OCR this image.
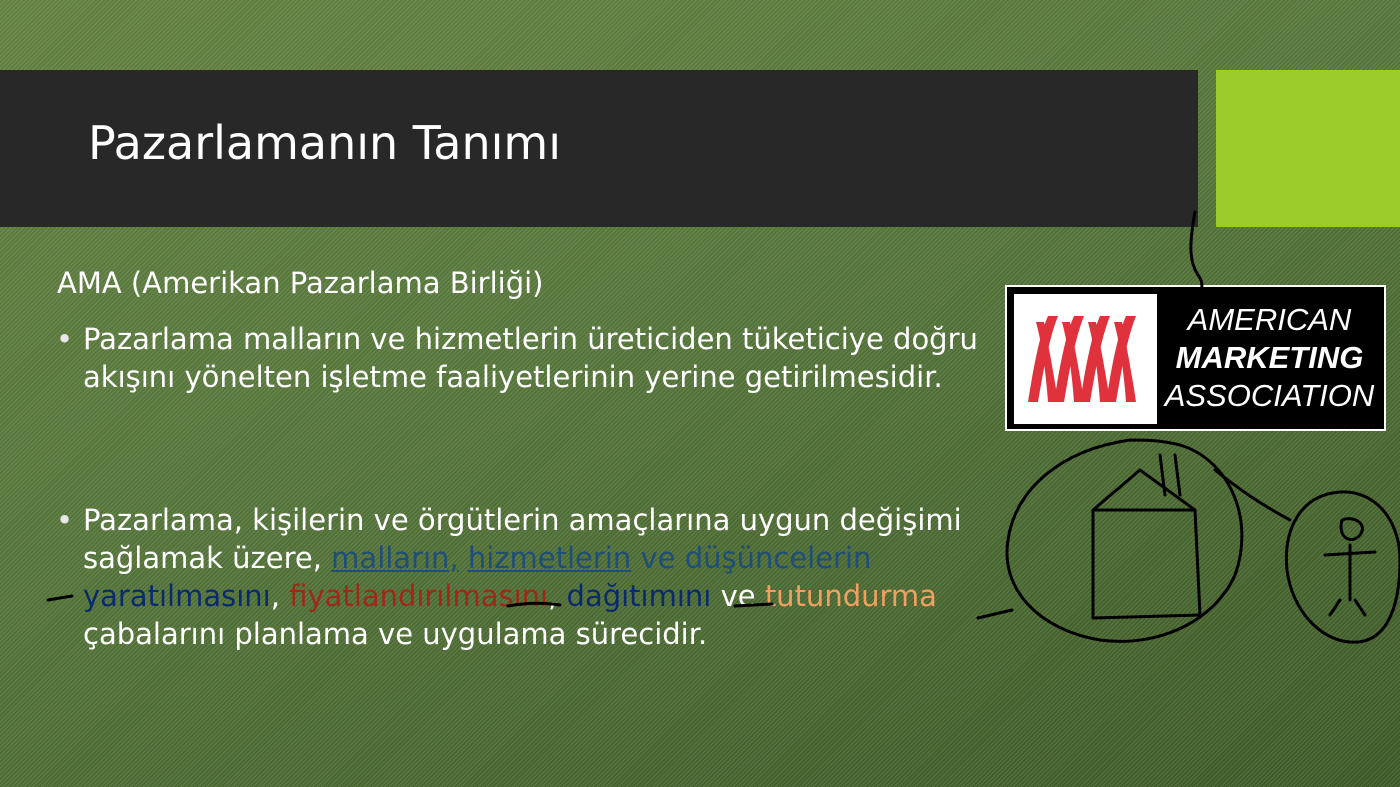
Pazarlamanın Tanımı
AMA (Amerikan Pazarlama Birliği)
• Pazarlama malların ve hizmetlerin üreticiden tüketiciye doğru akışını yönelten işletme faaliyetlerinin yerine getirilmesidir.
• Pazarlama, kişilerin ve örgütlerin amaçlarına uygun değişimi sağlamak üzere, malların, hizmetlerin ve düşüncelerin yaratılmasını, fiyatlandırılmasını, dağıtımını ve tutundurma çabalarını planlama ve uygulama sürecidir.
AMERICAN
MARKETING
ASSOCIATION
